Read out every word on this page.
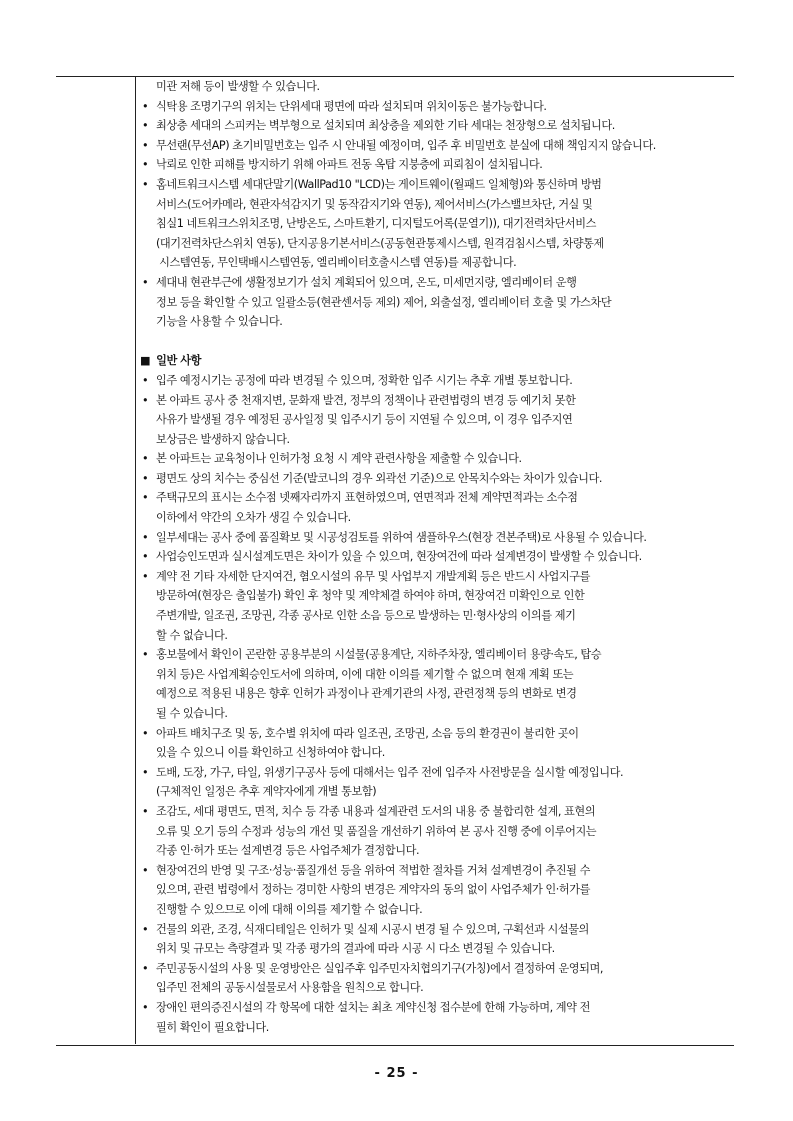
미관 저해 등이 발생할 수 있습니다.
• 식탁용 조명기구의 위치는 단위세대 평면에 따라 설치되며 위치이동은 불가능합니다.
• 최상층 세대의 스피커는 벽부형으로 설치되며 최상층을 제외한 기타 세대는 천장형으로 설치됩니다.
• 무선랜(무선AP) 초기비밀번호는 입주 시 안내될 예정이며, 입주 후 비밀번호 분실에 대해 책임지지 않습니다.
• 낙뢰로 인한 피해를 방지하기 위해 아파트 전동 옥탑 지붕층에 피뢰침이 설치됩니다.
• 홈네트워크시스템 세대단말기(WallPad10 "LCD)는 게이트웨이(월패드 일체형)와 통신하며 방범
서비스(도어카메라, 현관자석감지기 및 동작감지기와 연동), 제어서비스(가스밸브차단, 거실 및
침실1 네트워크스위치조명, 난방온도, 스마트환기, 디지털도어록(문열기)), 대기전력차단서비스
(대기전력차단스위치 연동), 단지공용기본서비스(공동현관통제시스템, 원격검침시스템, 차량통제
시스템연동, 무인택배시스템연동, 엘리베이터호출시스템 연동)를 제공합니다.
• 세대내 현관부근에 생활정보기가 설치 계획되어 있으며, 온도, 미세먼지량, 엘리베이터 운행
정보 등을 확인할 수 있고 일괄소등(현관센서등 제외) 제어, 외출설정, 엘리베이터 호출 및 가스차단
기능을 사용할 수 있습니다.
■ 일반 사항
• 입주 예정시기는 공정에 따라 변경될 수 있으며, 정확한 입주 시기는 추후 개별 통보합니다.
• 본 아파트 공사 중 천재지변, 문화재 발견, 정부의 정책이나 관련법령의 변경 등 예기치 못한
사유가 발생될 경우 예정된 공사일정 및 입주시기 등이 지연될 수 있으며, 이 경우 입주지연
보상금은 발생하지 않습니다.
• 본 아파트는 교육청이나 인허가청 요청 시 계약 관련사항을 제출할 수 있습니다.
• 평면도 상의 치수는 중심선 기준(발코니의 경우 외곽선 기준)으로 안목치수와는 차이가 있습니다.
• 주택규모의 표시는 소수점 넷째자리까지 표현하였으며, 연면적과 전체 계약면적과는 소수점
이하에서 약간의 오차가 생길 수 있습니다.
• 일부세대는 공사 중에 품질확보 및 시공성검토를 위하여 샘플하우스(현장 견본주택)로 사용될 수 있습니다.
• 사업승인도면과 실시설계도면은 차이가 있을 수 있으며, 현장여건에 따라 설계변경이 발생할 수 있습니다.
• 계약 전 기타 자세한 단지여건, 혐오시설의 유무 및 사업부지 개발계획 등은 반드시 사업지구를
방문하여(현장은 출입불가) 확인 후 청약 및 계약체결 하여야 하며, 현장여건 미확인으로 인한
주변개발, 일조권, 조망권, 각종 공사로 인한 소음 등으로 발생하는 민·형사상의 이의를 제기
할 수 없습니다.
• 홍보물에서 확인이 곤란한 공용부분의 시설물(공용계단, 지하주차장, 엘리베이터 용량·속도, 탑승
위치 등)은 사업계획승인도서에 의하며, 이에 대한 이의를 제기할 수 없으며 현재 계획 또는
예정으로 적용된 내용은 향후 인허가 과정이나 관계기관의 사정, 관련정책 등의 변화로 변경
될 수 있습니다.
• 아파트 배치구조 및 동, 호수별 위치에 따라 일조권, 조망권, 소음 등의 환경권이 불리한 곳이
있을 수 있으니 이를 확인하고 신청하여야 합니다.
• 도배, 도장, 가구, 타일, 위생기구공사 등에 대해서는 입주 전에 입주자 사전방문을 실시할 예정입니다.
(구체적인 일정은 추후 계약자에게 개별 통보함)
• 조감도, 세대 평면도, 면적, 치수 등 각종 내용과 설계관련 도서의 내용 중 불합리한 설계, 표현의
오류 및 오기 등의 수정과 성능의 개선 및 품질을 개선하기 위하여 본 공사 진행 중에 이루어지는
각종 인·허가 또는 설계변경 등은 사업주체가 결정합니다.
• 현장여건의 반영 및 구조·성능·품질개선 등을 위하여 적법한 절차를 거쳐 설계변경이 추진될 수
있으며, 관련 법령에서 정하는 경미한 사항의 변경은 계약자의 동의 없이 사업주체가 인·허가를
진행할 수 있으므로 이에 대해 이의를 제기할 수 없습니다.
• 건물의 외관, 조경, 식재디테일은 인허가 및 실제 시공시 변경 될 수 있으며, 구획선과 시설물의
위치 및 규모는 측량결과 및 각종 평가의 결과에 따라 시공 시 다소 변경될 수 있습니다.
• 주민공동시설의 사용 및 운영방안은 실입주후 입주민자치협의기구(가칭)에서 결정하여 운영되며,
입주민 전체의 공동시설물로서 사용함을 원칙으로 합니다.
• 장애인 편의증진시설의 각 항목에 대한 설치는 최초 계약신청 접수분에 한해 가능하며, 계약 전
필히 확인이 필요합니다.
- 25 -
